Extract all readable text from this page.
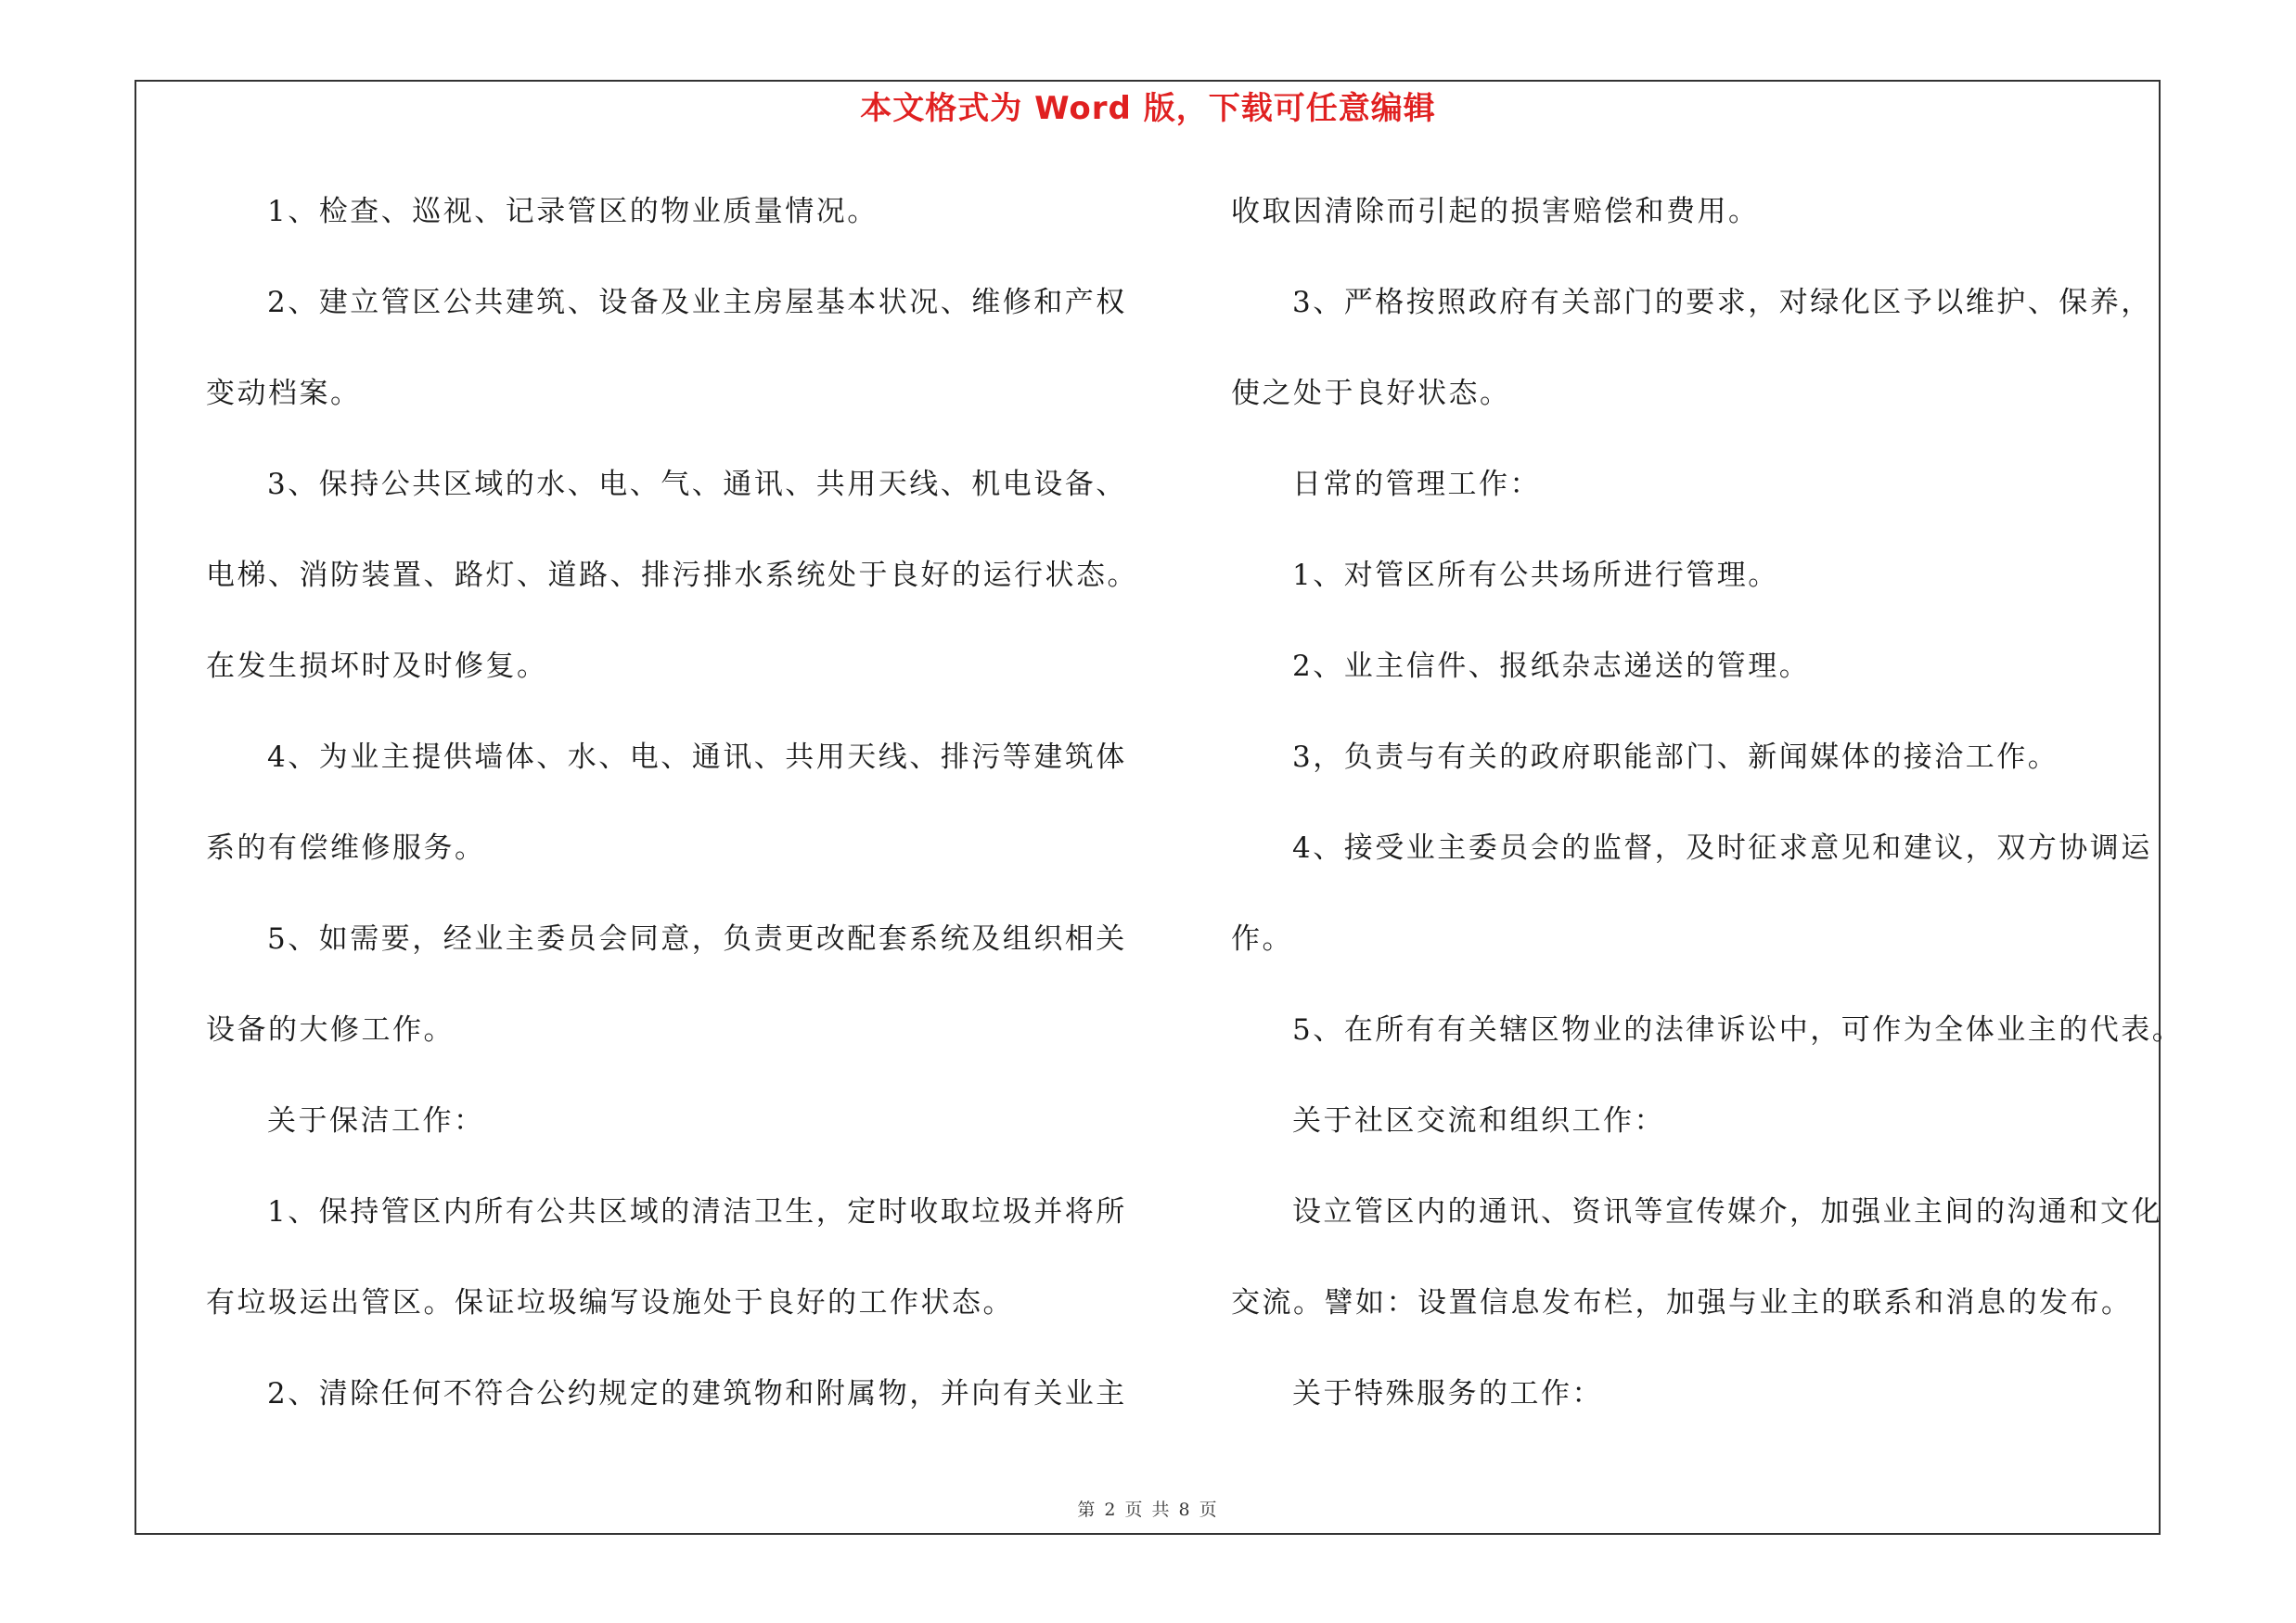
本文格式为 Word 版，下载可任意编辑
1、检查、巡视、记录管区的物业质量情况。
2、建立管区公共建筑、设备及业主房屋基本状况、维修和产权
变动档案。
3、保持公共区域的水、电、气、通讯、共用天线、机电设备、
电梯、消防装置、路灯、道路、排污排水系统处于良好的运行状态。
在发生损坏时及时修复。
4、为业主提供墙体、水、电、通讯、共用天线、排污等建筑体
系的有偿维修服务。
5、如需要，经业主委员会同意，负责更改配套系统及组织相关
设备的大修工作。
关于保洁工作：
1、保持管区内所有公共区域的清洁卫生，定时收取垃圾并将所
有垃圾运出管区。保证垃圾编写设施处于良好的工作状态。
2、清除任何不符合公约规定的建筑物和附属物，并向有关业主
收取因清除而引起的损害赔偿和费用。
3、严格按照政府有关部门的要求，对绿化区予以维护、保养，
使之处于良好状态。
日常的管理工作：
1、对管区所有公共场所进行管理。
2、业主信件、报纸杂志递送的管理。
3，负责与有关的政府职能部门、新闻媒体的接洽工作。
4、接受业主委员会的监督，及时征求意见和建议，双方协调运
作。
5、在所有有关辖区物业的法律诉讼中，可作为全体业主的代表。
关于社区交流和组织工作：
设立管区内的通讯、资讯等宣传媒介，加强业主间的沟通和文化
交流。譬如：设置信息发布栏，加强与业主的联系和消息的发布。
关于特殊服务的工作：
第 2 页 共 8 页
